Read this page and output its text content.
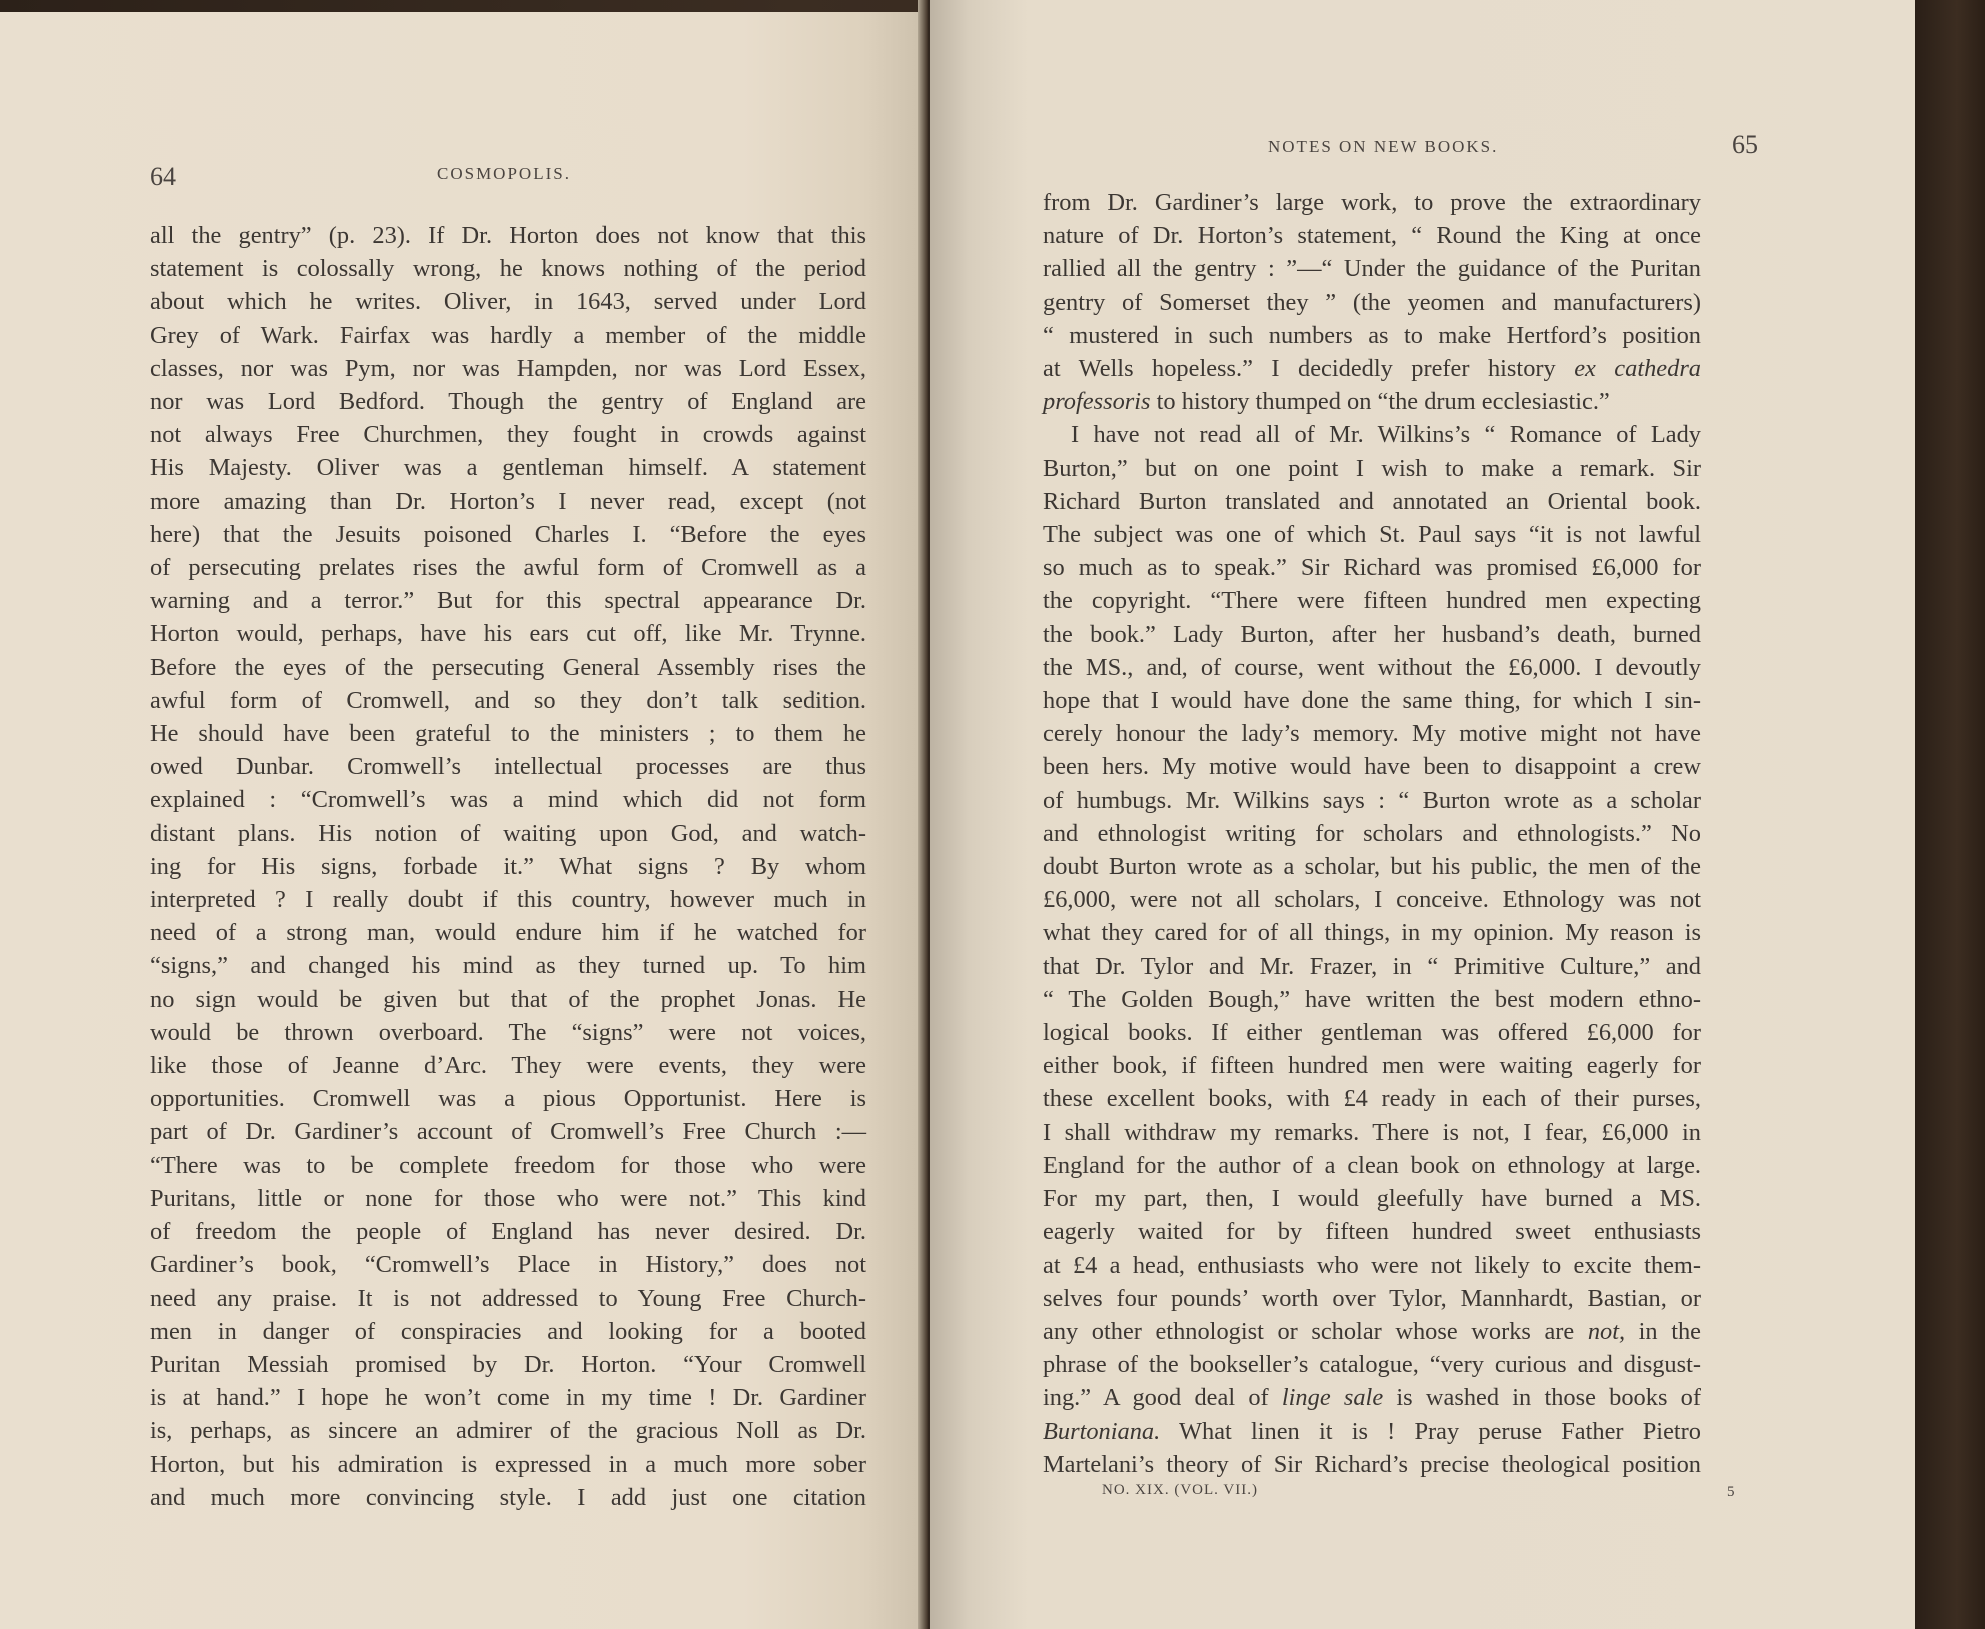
64	COSMOPOLIS.
all the gentry” (p. 23). If Dr. Horton does not know that this
statement is colossally wrong, he knows nothing of the period
about which he writes. Oliver, in 1643, served under Lord
Grey of Wark. Fairfax was hardly a member of the middle
classes, nor was Pym, nor was Hampden, nor was Lord Essex,
nor was Lord Bedford. Though the gentry of England are
not always Free Churchmen, they fought in crowds against
His Majesty. Oliver was a gentleman himself. A statement
more amazing than Dr. Horton’s I never read, except (not
here) that the Jesuits poisoned Charles I. “Before the eyes
of persecuting prelates rises the awful form of Cromwell as a
warning and a terror.” But for this spectral appearance Dr.
Horton would, perhaps, have his ears cut off, like Mr. Trynne.
Before the eyes of the persecuting General Assembly rises the
awful form of Cromwell, and so they don’t talk sedition.
He should have been grateful to the ministers ; to them he
owed Dunbar. Cromwell’s intellectual processes are thus
explained : “Cromwell’s was a mind which did not form
distant plans. His notion of waiting upon God, and watch-
ing for His signs, forbade it.” What signs ? By whom
interpreted ? I really doubt if this country, however much in
need of a strong man, would endure him if he watched for
“signs,” and changed his mind as they turned up. To him
no sign would be given but that of the prophet Jonas. He
would be thrown overboard. The “signs” were not voices,
like those of Jeanne d’Arc. They were events, they were
opportunities. Cromwell was a pious Opportunist. Here is
part of Dr. Gardiner’s account of Cromwell’s Free Church :—
“There was to be complete freedom for those who were
Puritans, little or none for those who were not.” This kind
of freedom the people of England has never desired. Dr.
Gardiner’s book, “Cromwell’s Place in History,” does not
need any praise. It is not addressed to Young Free Church-
men in danger of conspiracies and looking for a booted
Puritan Messiah promised by Dr. Horton. “Your Cromwell
is at hand.” I hope he won’t come in my time ! Dr. Gardiner
is, perhaps, as sincere an admirer of the gracious Noll as Dr.
Horton, but his admiration is expressed in a much more sober
and much more convincing style. I add just one citation
NOTES ON NEW BOOKS.	65
from Dr. Gardiner’s large work, to prove the extraordinary
nature of Dr. Horton’s statement, “ Round the King at once
rallied all the gentry : ”—“ Under the guidance of the Puritan
gentry of Somerset they ” (the yeomen and manufacturers)
“ mustered in such numbers as to make Hertford’s position
at Wells hopeless.” I decidedly prefer history ex cathedra
professoris to history thumped on “the drum ecclesiastic.”
I have not read all of Mr. Wilkins’s “ Romance of Lady
Burton,” but on one point I wish to make a remark. Sir
Richard Burton translated and annotated an Oriental book.
The subject was one of which St. Paul says “it is not lawful
so much as to speak.” Sir Richard was promised £6,000 for
the copyright. “There were fifteen hundred men expecting
the book.” Lady Burton, after her husband’s death, burned
the MS., and, of course, went without the £6,000. I devoutly
hope that I would have done the same thing, for which I sin-
cerely honour the lady’s memory. My motive might not have
been hers. My motive would have been to disappoint a crew
of humbugs. Mr. Wilkins says : “ Burton wrote as a scholar
and ethnologist writing for scholars and ethnologists.” No
doubt Burton wrote as a scholar, but his public, the men of the
£6,000, were not all scholars, I conceive. Ethnology was not
what they cared for of all things, in my opinion. My reason is
that Dr. Tylor and Mr. Frazer, in “ Primitive Culture,” and
“ The Golden Bough,” have written the best modern ethno-
logical books. If either gentleman was offered £6,000 for
either book, if fifteen hundred men were waiting eagerly for
these excellent books, with £4 ready in each of their purses,
I shall withdraw my remarks. There is not, I fear, £6,000 in
England for the author of a clean book on ethnology at large.
For my part, then, I would gleefully have burned a MS.
eagerly waited for by fifteen hundred sweet enthusiasts
at £4 a head, enthusiasts who were not likely to excite them-
selves four pounds’ worth over Tylor, Mannhardt, Bastian, or
any other ethnologist or scholar whose works are not, in the
phrase of the bookseller’s catalogue, “very curious and disgust-
ing.” A good deal of linge sale is washed in those books of
Burtoniana. What linen it is ! Pray peruse Father Pietro
Martelani’s theory of Sir Richard’s precise theological position
NO. XIX. (VOL. VII.)	5
